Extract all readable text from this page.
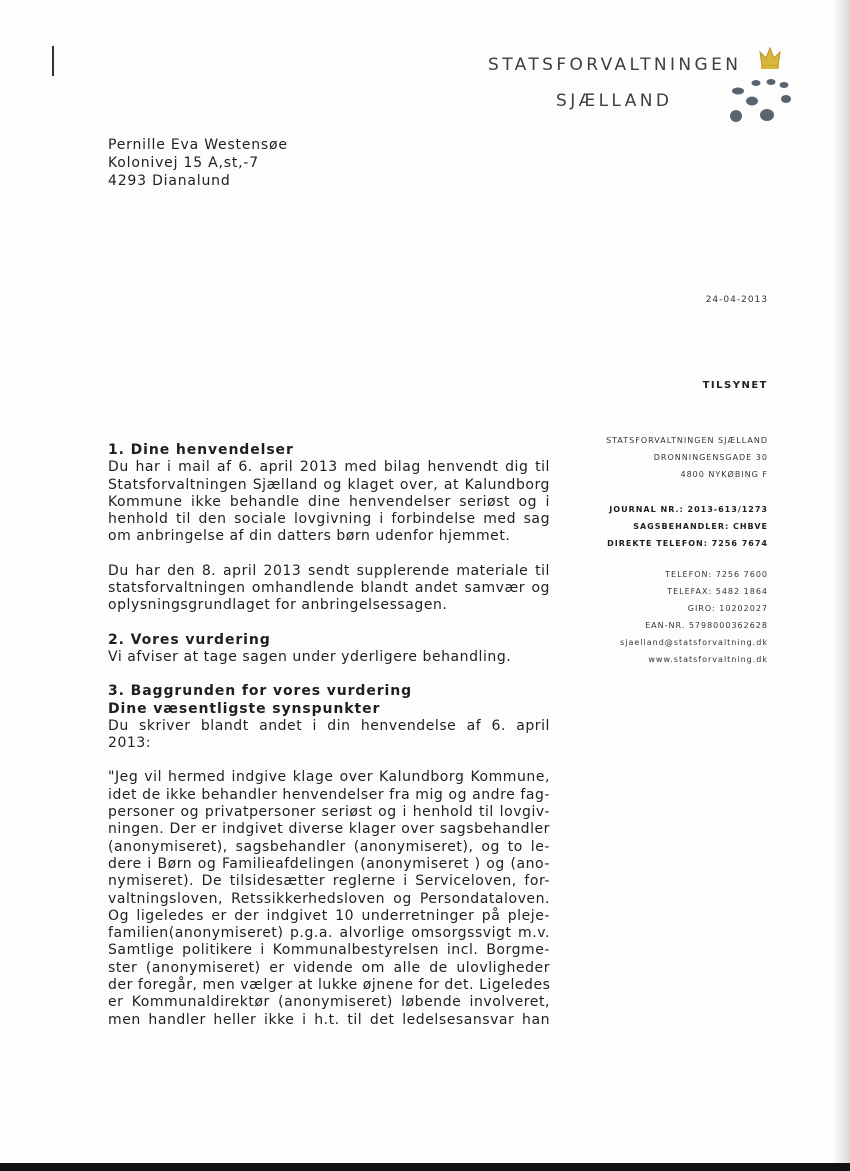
STATSFORVALTNINGEN
SJÆLLAND
Pernille Eva Westensøe
Kolonivej 15 A,st,-7
4293 Dianalund
24-04-2013
TILSYNET
STATSFORVALTNINGEN SJÆLLAND
DRONNINGENSGADE 30
4800 NYKØBING F
JOURNAL NR.: 2013-613/1273
SAGSBEHANDLER: CHBVE
DIREKTE TELEFON: 7256 7674
TELEFON: 7256 7600
TELEFAX: 5482 1864
GIRO: 10202027
EAN-NR. 5798000362628
sjaelland@statsforvaltning.dk
www.statsforvaltning.dk

1. Dine henvendelser

Du har i mail af 6. april 2013 med bilag henvendt dig til
Statsforvaltningen Sjælland og klaget over, at Kalundborg
Kommune ikke behandle dine henvendelser seriøst og i
henhold til den sociale lovgivning i forbindelse med sag
om anbringelse af din datters børn udenfor hjemmet.
Du har den 8. april 2013 sendt supplerende materiale til
statsforvaltningen omhandlende blandt andet samvær og
oplysningsgrundlaget for anbringelsessagen.

2. Vores vurdering

Vi afviser at tage sagen under yderligere behandling.

3. Baggrunden for vores vurdering

Dine væsentligste synspunkter

Du skriver blandt andet i din henvendelse af 6. april
2013:
"Jeg vil hermed indgive klage over Kalundborg Kommune,
idet de ikke behandler henvendelser fra mig og andre fag-
personer og privatpersoner seriøst og i henhold til lovgiv-
ningen. Der er indgivet diverse klager over sagsbehandler
(anonymiseret), sagsbehandler (anonymiseret), og to le-
dere i Børn og Familieafdelingen (anonymiseret ) og (ano-
nymiseret). De tilsidesætter reglerne i Serviceloven, for-
valtningsloven, Retssikkerhedsloven og Persondataloven.
Og ligeledes er der indgivet 10 underretninger på pleje-
familien(anonymiseret) p.g.a. alvorlige omsorgssvigt m.v.
Samtlige politikere i Kommunalbestyrelsen incl. Borgme-
ster (anonymiseret) er vidende om alle de ulovligheder
der foregår, men vælger at lukke øjnene for det. Ligeledes
er Kommunaldirektør (anonymiseret) løbende involveret,
men handler heller ikke i h.t. til det ledelsesansvar han
